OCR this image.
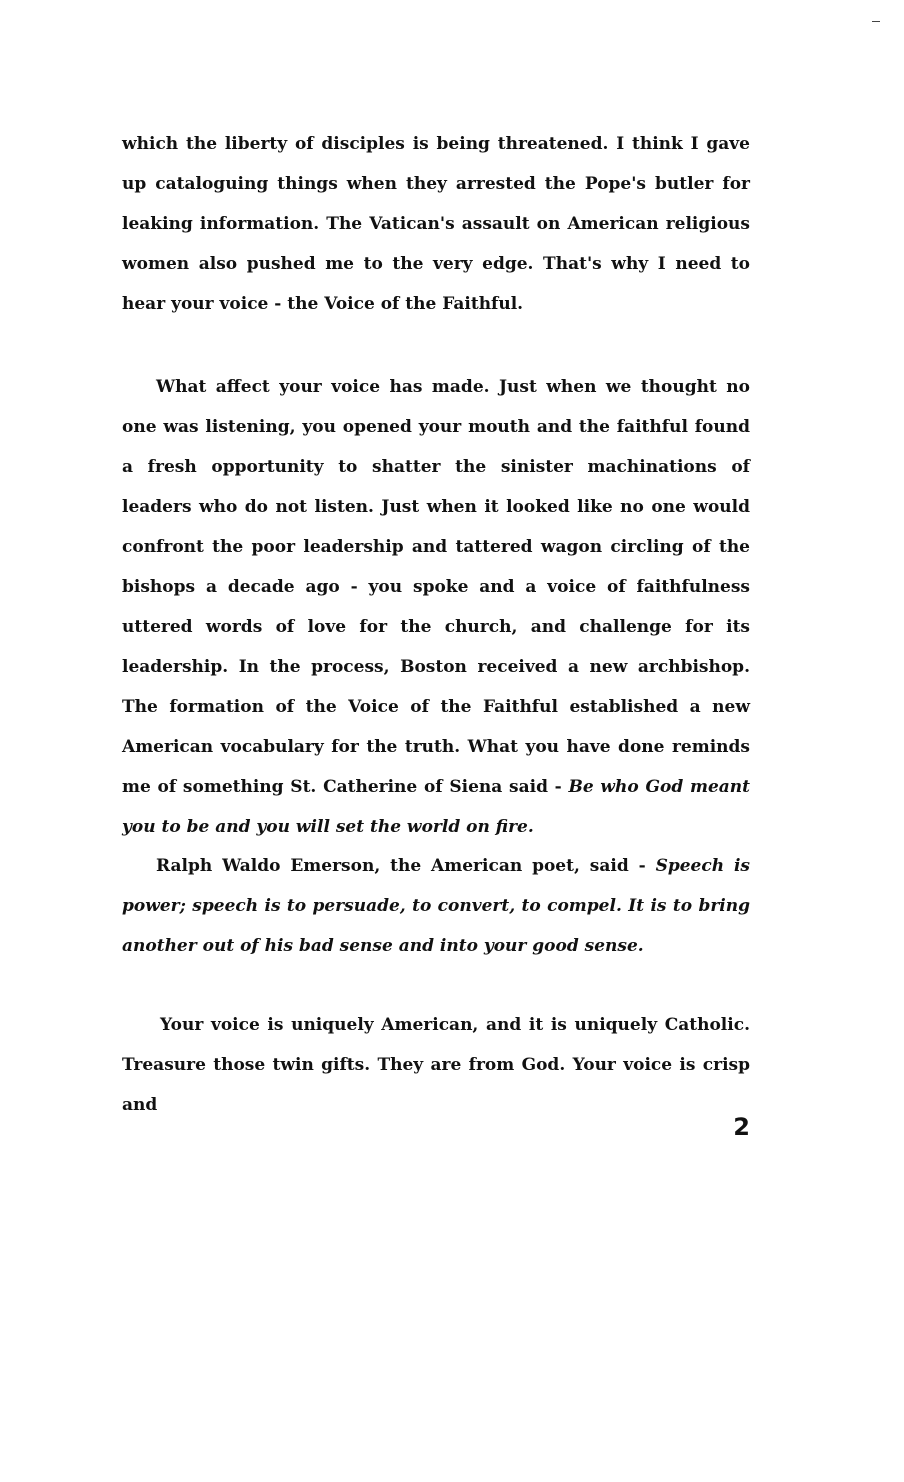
which the liberty of disciples is being threatened. I think I gave up cataloguing things when they arrested the Pope's butler for leaking information. The Vatican's assault on American religious women also pushed me to the very edge. That's why I need to hear your voice - the Voice of the Faithful.

What affect your voice has made. Just when we thought no one was listening, you opened your mouth and the faithful found a fresh opportunity to shatter the sinister machinations of leaders who do not listen. Just when it looked like no one would confront the poor leadership and tattered wagon circling of the bishops a decade ago - you spoke and a voice of faithfulness uttered words of love for the church, and challenge for its leadership. In the process, Boston received a new archbishop. The formation of the Voice of the Faithful established a new American vocabulary for the truth. What you have done reminds me of something St. Catherine of Siena said - Be who God meant you to be and you will set the world on fire.

Ralph Waldo Emerson, the American poet, said - Speech is power; speech is to persuade, to convert, to compel. It is to bring another out of his bad sense and into your good sense.

Your voice is uniquely American, and it is uniquely Catholic. Treasure those twin gifts. They are from God. Your voice is crisp and

2
